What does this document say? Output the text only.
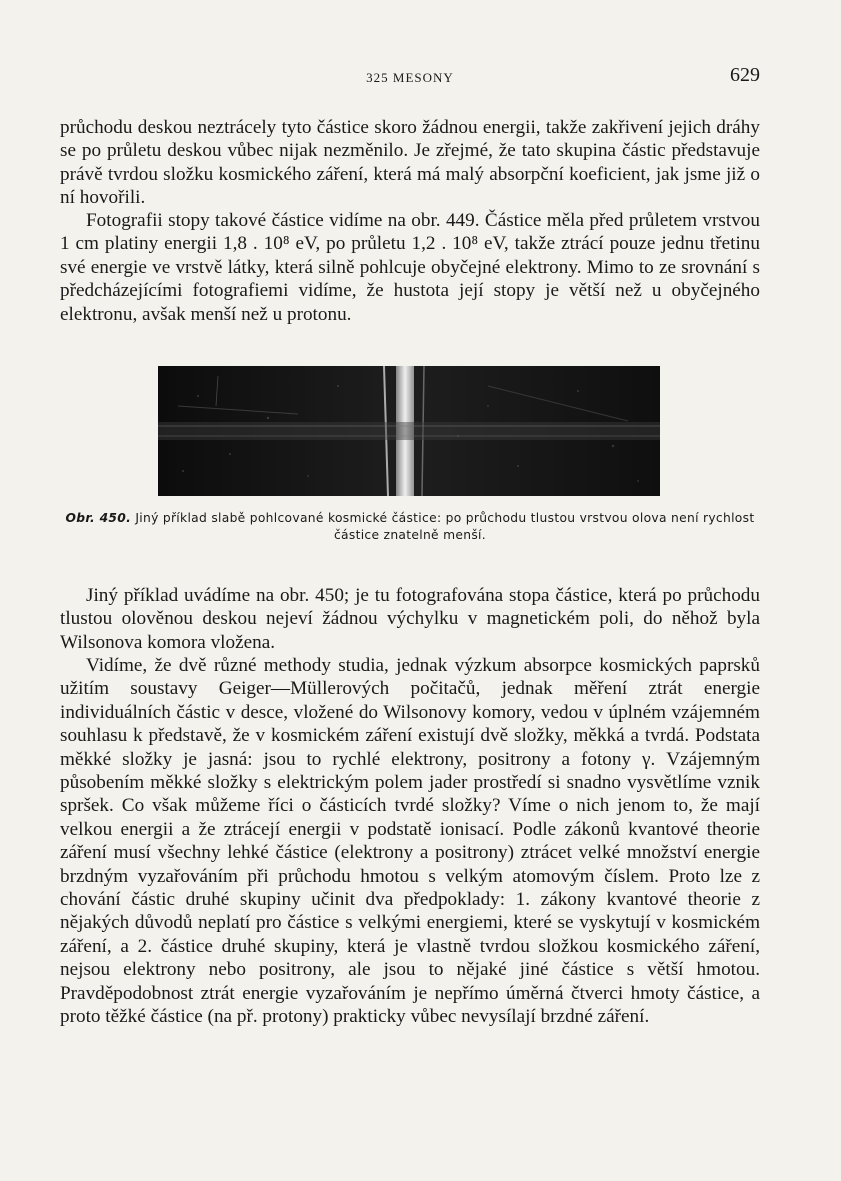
325 MESONY	629

průchodu deskou neztrácely tyto částice skoro žádnou energii, takže zakřivení jejich dráhy se po průletu deskou vůbec nijak nezměnilo. Je zřejmé, že tato skupina částic představuje právě tvrdou složku kosmického záření, která má malý absorpční koeficient, jak jsme již o ní hovořili.

Fotografii stopy takové částice vidíme na obr. 449. Částice měla před průletem vrstvou 1 cm platiny energii 1,8 . 10⁸ eV, po průletu 1,2 . 10⁸ eV, takže ztrácí pouze jednu třetinu své energie ve vrstvě látky, která silně pohlcuje obyčejné elektrony. Mimo to ze srovnání s předcházejícími fotografiemi vidíme, že hustota její stopy je větší než u obyčejného elektronu, avšak menší než u protonu.

Obr. 450. Jiný příklad slabě pohlcované kosmické částice: po průchodu tlustou vrstvou olova není rychlost částice znatelně menší.

Jiný příklad uvádíme na obr. 450; je tu fotografována stopa částice, která po průchodu tlustou olověnou deskou nejeví žádnou výchylku v magnetickém poli, do něhož byla Wilsonova komora vložena.

Vidíme, že dvě různé methody studia, jednak výzkum absorpce kosmických paprsků užitím soustavy Geiger—Müllerových počitačů, jednak měření ztrát energie individuálních částic v desce, vložené do Wilsonovy komory, vedou v úplném vzájemném souhlasu k představě, že v kosmickém záření existují dvě složky, měkká a tvrdá. Podstata měkké složky je jasná: jsou to rychlé elektrony, positrony a fotony γ. Vzájemným působením měkké složky s elektrickým polem jader prostředí si snadno vysvětlíme vznik spršek. Co však můžeme říci o částicích tvrdé složky? Víme o nich jenom to, že mají velkou energii a že ztrácejí energii v podstatě ionisací. Podle zákonů kvantové theorie záření musí všechny lehké částice (elektrony a positrony) ztrácet velké množství energie brzdným vyzařováním při průchodu hmotou s velkým atomovým číslem. Proto lze z chování částic druhé skupiny učinit dva předpoklady: 1. zákony kvantové theorie z nějakých důvodů neplatí pro částice s velkými energiemi, které se vyskytují v kosmickém záření, a 2. částice druhé skupiny, která je vlastně tvrdou složkou kosmického záření, nejsou elektrony nebo positrony, ale jsou to nějaké jiné částice s větší hmotou. Pravděpodobnost ztrát energie vyzařováním je nepřímo úměrná čtverci hmoty částice, a proto těžké částice (na př. protony) prakticky vůbec nevysílají brzdné záření.
